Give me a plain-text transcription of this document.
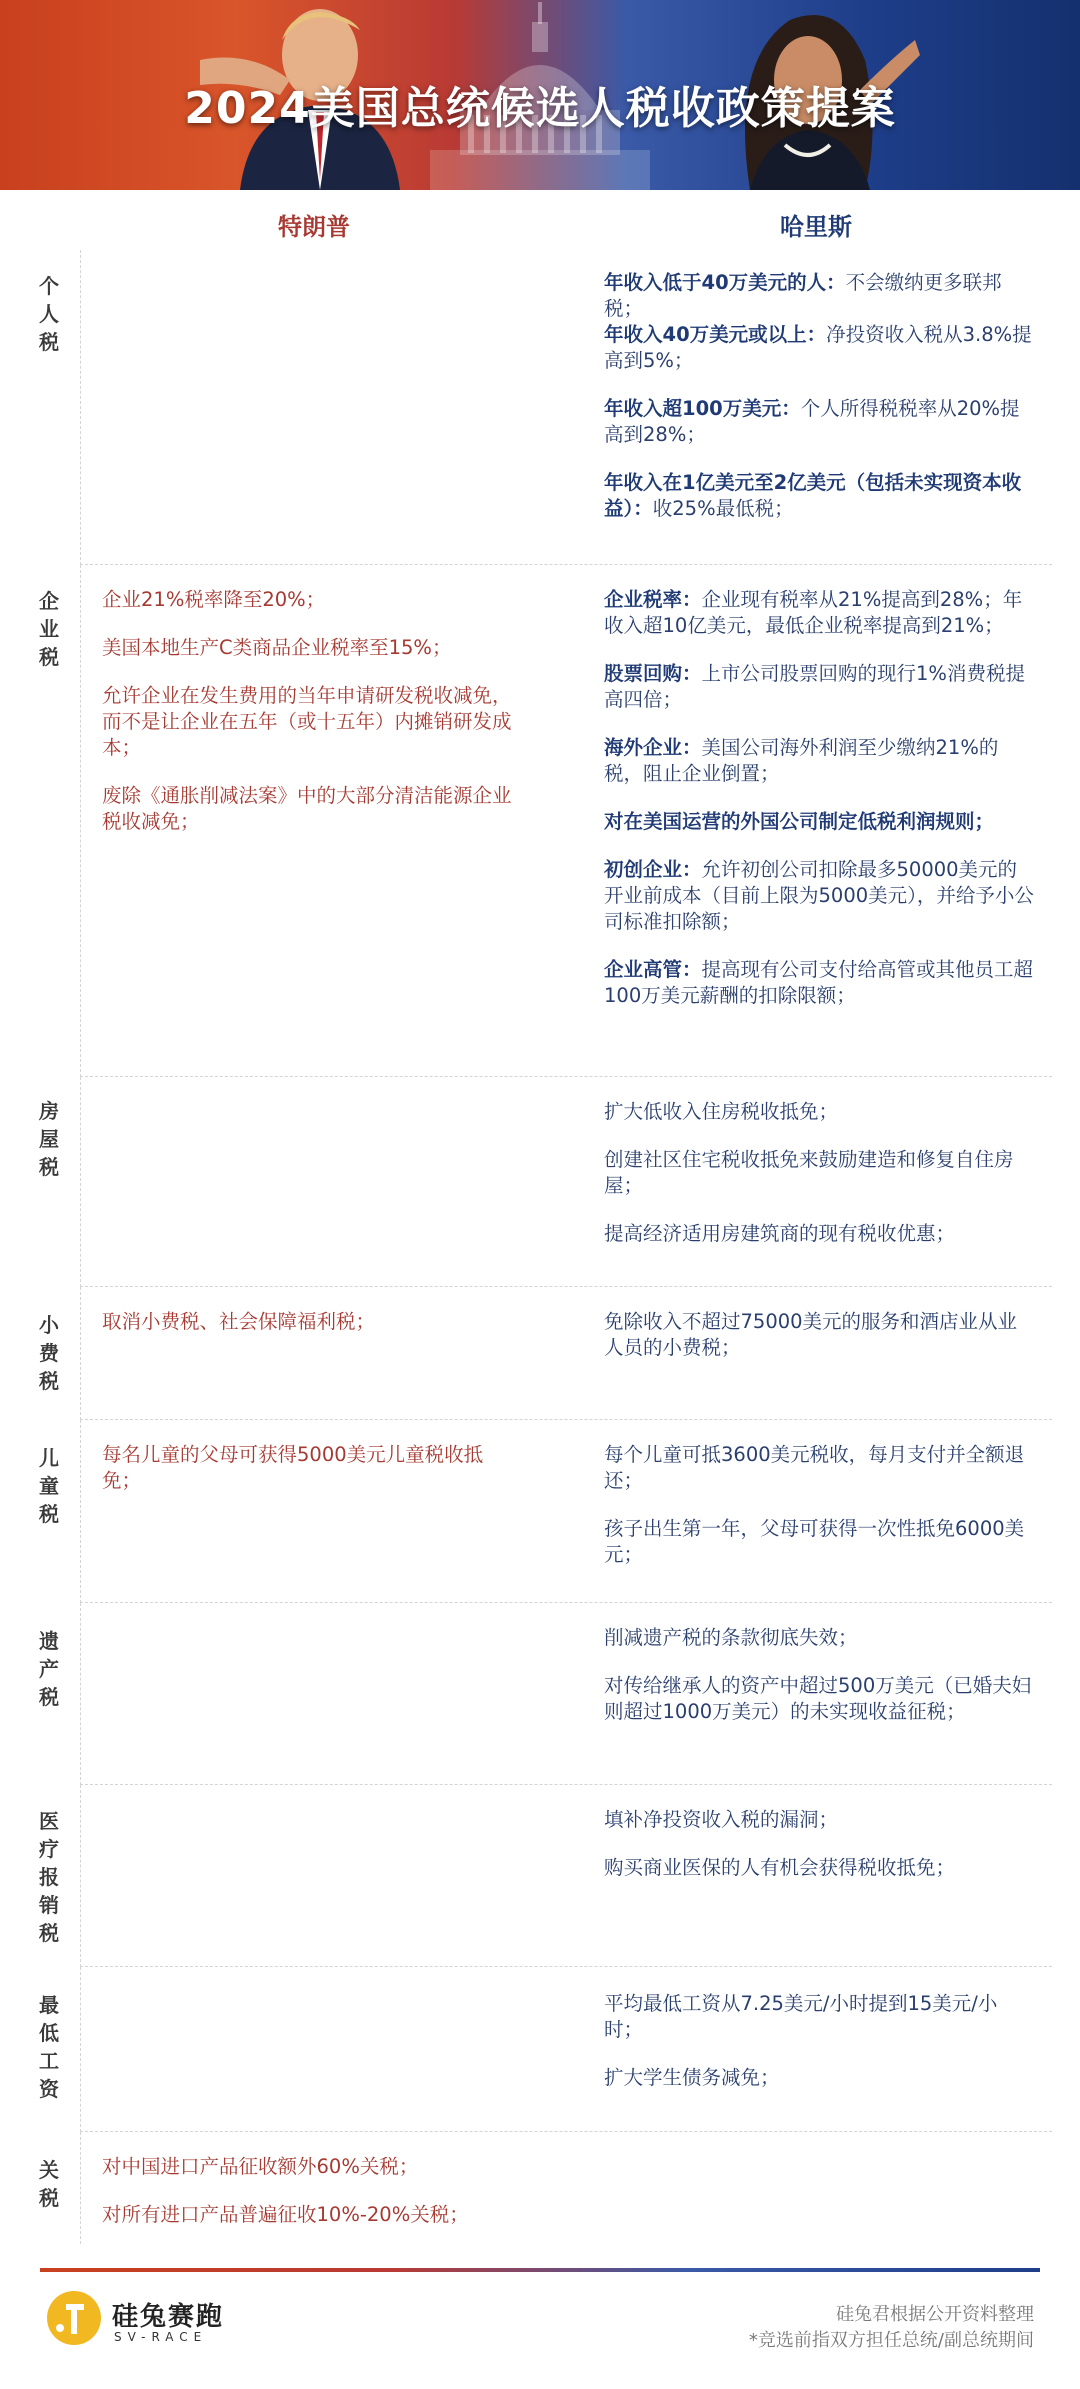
2024美国总统候选人税收政策提案
特朗普	哈里斯
个人税

年收入低于40万美元的人：不会缴纳更多联邦税；

年收入40万美元或以上：净投资收入税从3.8%提高到5%；

年收入超100万美元：个人所得税税率从20%提高到28%；

年收入在1亿美元至2亿美元（包括未实现资本收益）：收25%最低税；

企业税

企业21%税率降至20%；

美国本地生产C类商品企业税率至15%；

允许企业在发生费用的当年申请研发税收减免，而不是让企业在五年（或十五年）内摊销研发成本；

废除《通胀削减法案》中的大部分清洁能源企业税收减免；

企业税率：企业现有税率从21%提高到28%；年收入超10亿美元，最低企业税率提高到21%；

股票回购：上市公司股票回购的现行1%消费税提高四倍；

海外企业：美国公司海外利润至少缴纳21%的税，阻止企业倒置；

对在美国运营的外国公司制定低税利润规则；

初创企业：允许初创公司扣除最多50000美元的开业前成本（目前上限为5000美元），并给予小公司标准扣除额；

企业高管：提高现有公司支付给高管或其他员工超100万美元薪酬的扣除限额；

房屋税

扩大低收入住房税收抵免；

创建社区住宅税收抵免来鼓励建造和修复自住房屋；

提高经济适用房建筑商的现有税收优惠；

小费税

取消小费税、社会保障福利税；	免除收入不超过75000美元的服务和酒店业从业人员的小费税；

儿童税

每名儿童的父母可获得5000美元儿童税收抵免；

每个儿童可抵3600美元税收，每月支付并全额退还；

孩子出生第一年，父母可获得一次性抵免6000美元；

遗产税

削减遗产税的条款彻底失效；

对传给继承人的资产中超过500万美元（已婚夫妇则超过1000万美元）的未实现收益征税；

医疗报销税

填补净投资收入税的漏洞；

购买商业医保的人有机会获得税收抵免；

最低工资

平均最低工资从7.25美元/小时提到15美元/小时；

扩大学生债务减免；

关税

对中国进口产品征收额外60%关税；

对所有进口产品普遍征收10%-20%关税；

硅兔赛跑
SV-RACE
硅兔君根据公开资料整理
*竞选前指双方担任总统/副总统期间
